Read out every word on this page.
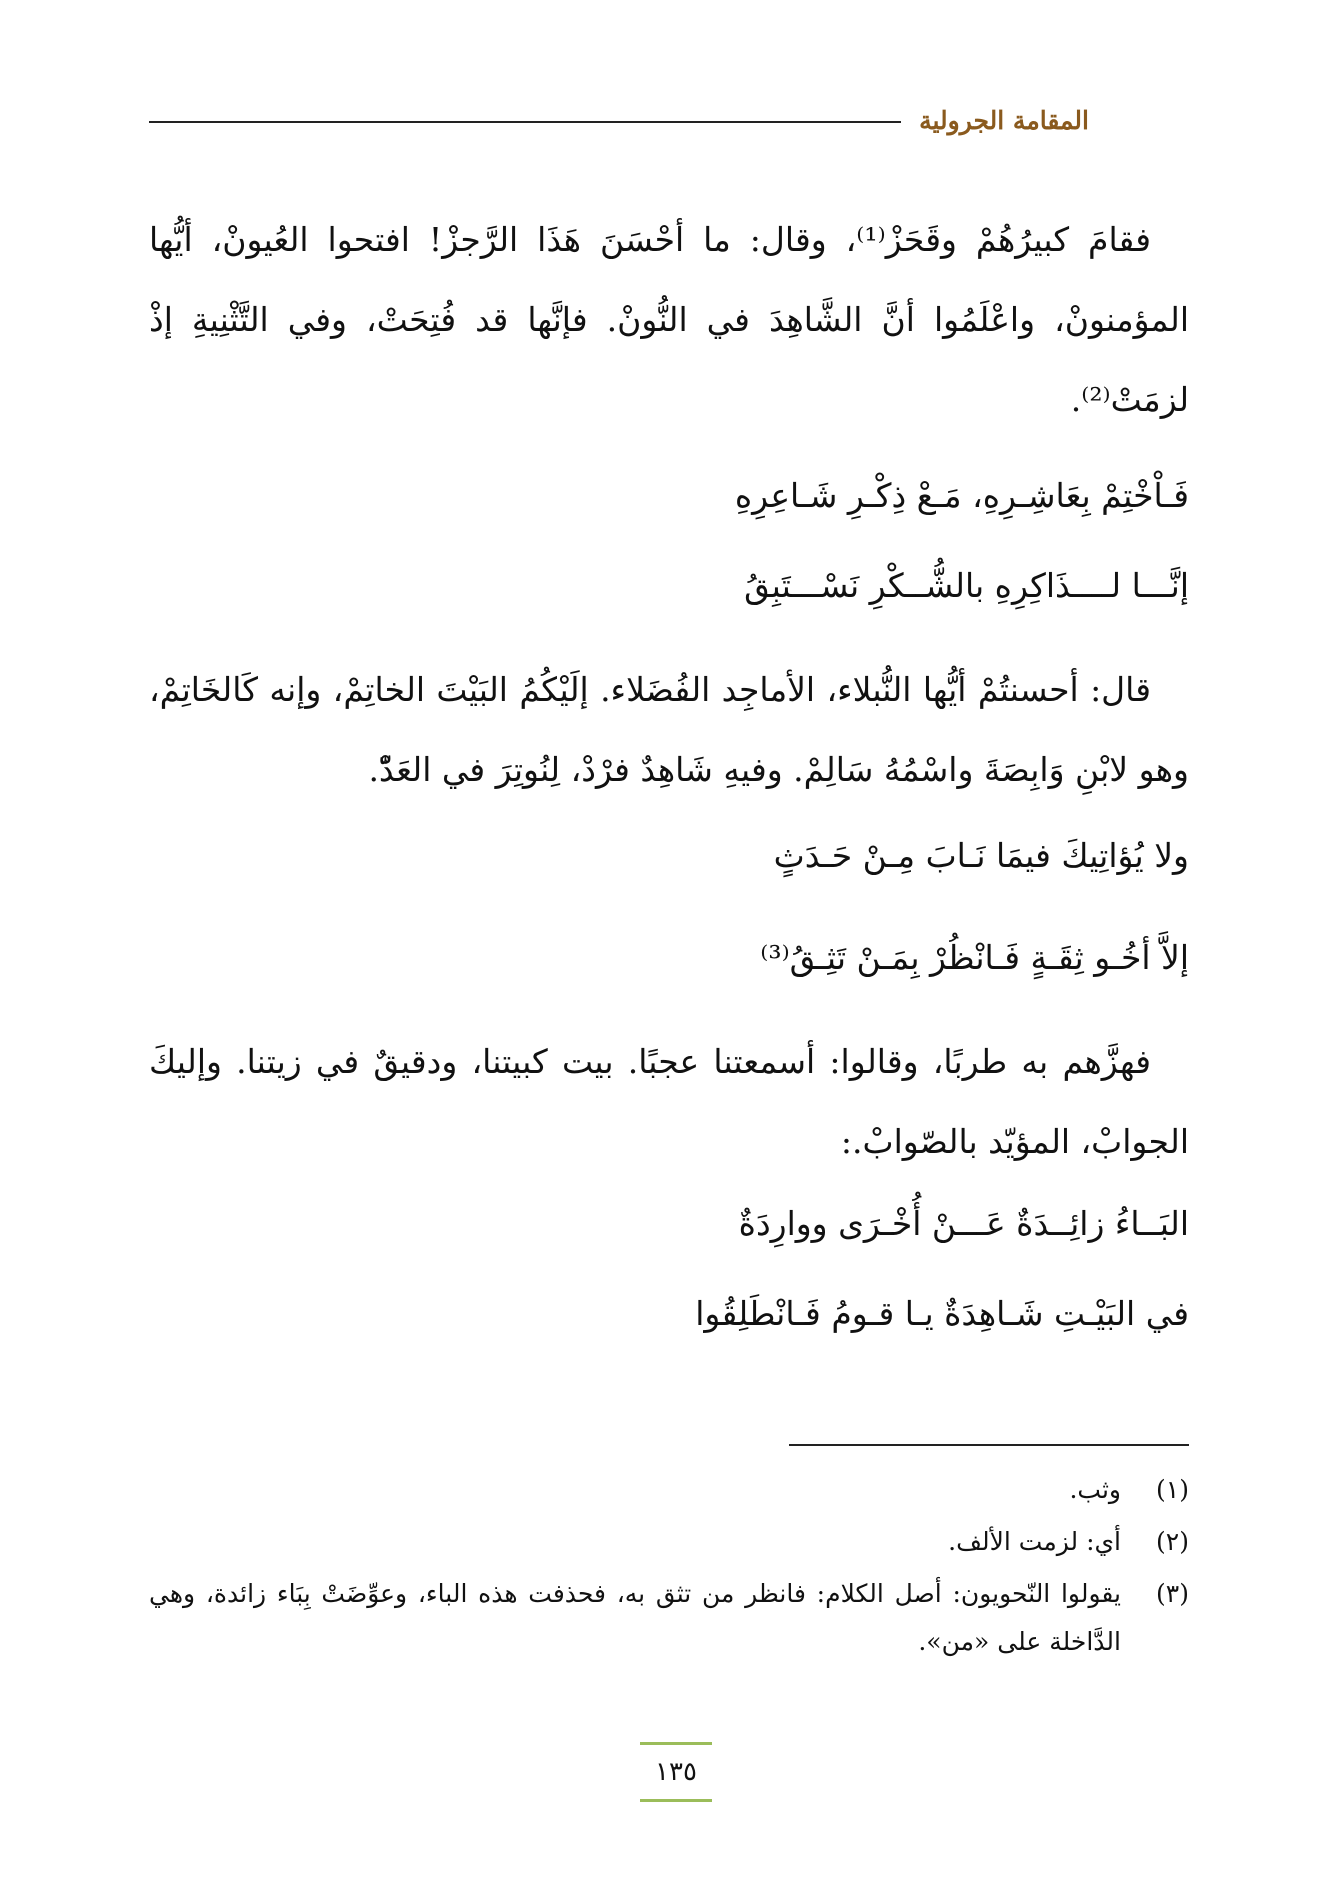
المقامة الجرولية

فقامَ كبيرُهُمْ وقَحَزْ⁽¹⁾، وقال: ما أحْسَنَ هَذَا الرَّجزْ! افتحوا العُيونْ، أيُّها المؤمنونْ، واعْلَمُوا أنَّ الشَّاهِدَ في النُّونْ. فإنَّها قد فُتِحَتْ، وفي التَّثْنِيةِ إذْ لزمَتْ⁽²⁾.

فَـاْخْتِمْ بِعَاشِـرِهِ، مَـعْ ذِكْـرِ شَـاعِرِهِ

إنَّـــا لــــذَاكِرِهِ بالشُّــكْرِ نَسْـــتَبِقُ

قال: أحسنتُمْ أيُّها النُّبلاء، الأماجِد الفُضَلاء. إلَيْكُمُ البَيْتَ الخاتِمْ، وإنه كَالخَاتِمْ، وهو لابْنِ وَابِصَةَ واسْمُهُ سَالِمْ. وفيهِ شَاهِدٌ فرْدْ، لِنُوتِرَ في العَدّْ.

ولا يُؤاتِيكَ فيمَا نَـابَ مِـنْ حَـدَثٍ

إلاَّ أخُـو ثِقَـةٍ فَـانْظُرْ بِمَـنْ تَثِـقُ⁽³⁾

فهزَّهم به طربًا، وقالوا: أسمعتنا عجبًا. بيت كبيتنا، ودقيقٌ في زيتنا. وإليكَ الجوابْ، المؤيّد بالصّوابْ.:

البَــاءُ زائِــدَةٌ عَـــنْ أُخْـرَى ووارِدَةٌ

في البَيْـتِ شَـاهِدَةٌ يـا قـومُ فَـانْطَلِقُوا

(١)
وثب.
(٢)
أي: لزمت الألف.
(٣)
يقولوا النّحويون: أصل الكلام: فانظر من تثق به، فحذفت هذه الباء، وعوِّضَتْ بِبَاء زائدة، وهي الدَّاخلة على «من».
١٣٥
